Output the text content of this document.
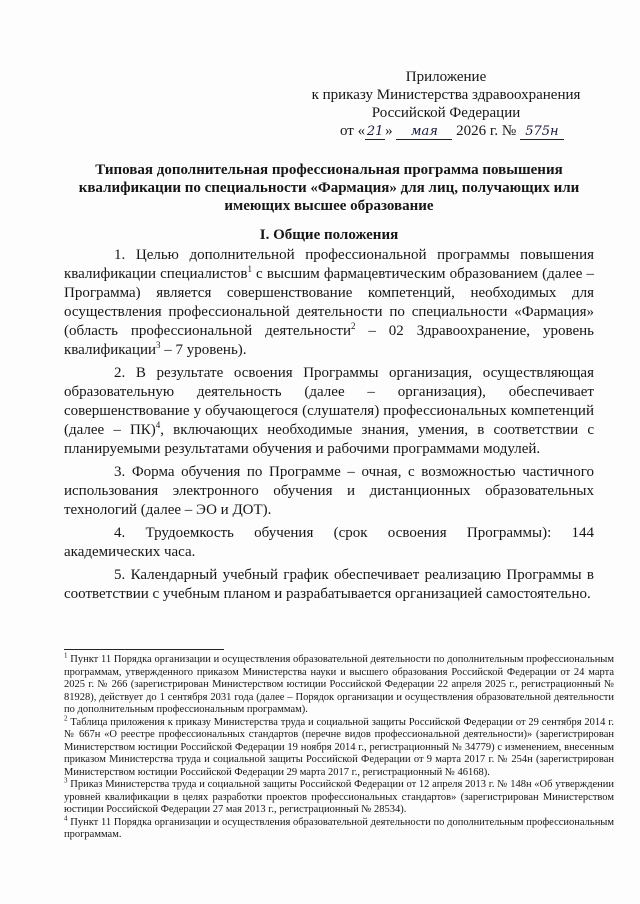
Приложение
к приказу Министерства здравоохранения
Российской Федерации
от « 21 » мая 2026 г. № 575н
Типовая дополнительная профессиональная программа повышения квалификации по специальности «Фармация» для лиц, получающих или имеющих высшее образование
I. Общие положения

1. Целью дополнительной профессиональной программы повышения квалификации специалистов$^1$ с высшим фармацевтическим образованием (далее – Программа) является совершенствование компетенций, необходимых для осуществления профессиональной деятельности по специальности «Фармация» (область профессиональной деятельности$^2$ – 02 Здравоохранение, уровень квалификации$^3$ – 7 уровень).

2. В результате освоения Программы организация, осуществляющая образовательную деятельность (далее – организация), обеспечивает совершенствование у обучающегося (слушателя) профессиональных компетенций (далее – ПК)$^4$, включающих необходимые знания, умения, в соответствии с планируемыми результатами обучения и рабочими программами модулей.

3. Форма обучения по Программе – очная, с возможностью частичного использования электронного обучения и дистанционных образовательных технологий (далее – ЭО и ДОТ).

4. Трудоемкость обучения (срок освоения Программы): 144 академических часа.

5. Календарный учебный график обеспечивает реализацию Программы в соответствии с учебным планом и разрабатывается организацией самостоятельно.

$^1$ Пункт 11 Порядка организации и осуществления образовательной деятельности по дополнительным профессиональным программам, утвержденного приказом Министерства науки и высшего образования Российской Федерации от 24 марта 2025 г. № 266 (зарегистрирован Министерством юстиции Российской Федерации 22 апреля 2025 г., регистрационный № 81928), действует до 1 сентября 2031 года (далее – Порядок организации и осуществления образовательной деятельности по дополнительным профессиональным программам).

$^2$ Таблица приложения к приказу Министерства труда и социальной защиты Российской Федерации от 29 сентября 2014 г. № 667н «О реестре профессиональных стандартов (перечне видов профессиональной деятельности)» (зарегистрирован Министерством юстиции Российской Федерации 19 ноября 2014 г., регистрационный № 34779) с изменением, внесенным приказом Министерства труда и социальной защиты Российской Федерации от 9 марта 2017 г. № 254н (зарегистрирован Министерством юстиции Российской Федерации 29 марта 2017 г., регистрационный № 46168).

$^3$ Приказ Министерства труда и социальной защиты Российской Федерации от 12 апреля 2013 г. № 148н «Об утверждении уровней квалификации в целях разработки проектов профессиональных стандартов» (зарегистрирован Министерством юстиции Российской Федерации 27 мая 2013 г., регистрационный № 28534).

$^4$ Пункт 11 Порядка организации и осуществления образовательной деятельности по дополнительным профессиональным программам.
